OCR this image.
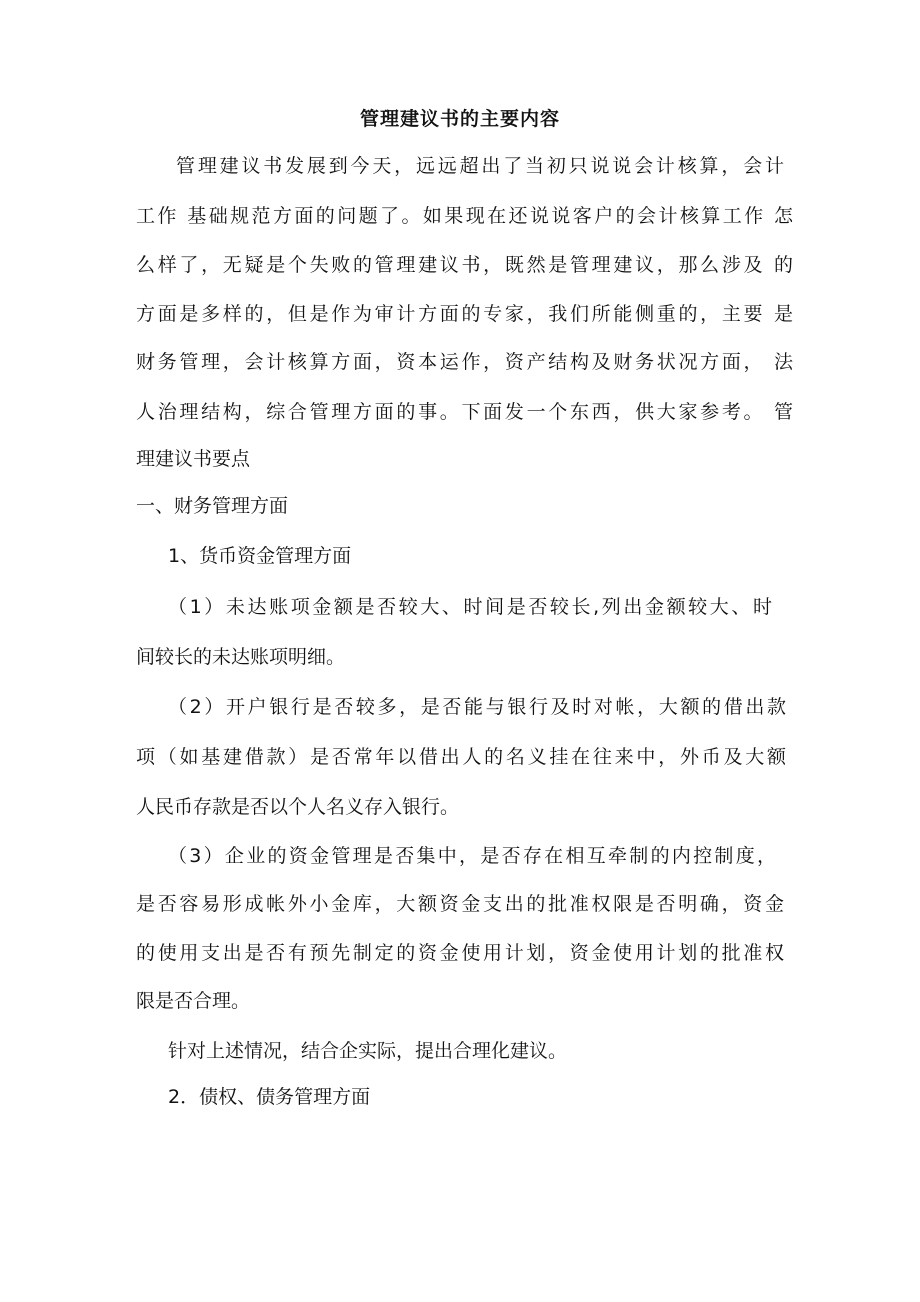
管理建议书的主要内容
管理建议书发展到今天，远远超出了当初只说说会计核算，会计
工作 基础规范方面的问题了。如果现在还说说客户的会计核算工作 怎
么样了，无疑是个失败的管理建议书，既然是管理建议，那么涉及 的
方面是多样的，但是作为审计方面的专家，我们所能侧重的，主要 是
财务管理，会计核算方面，资本运作，资产结构及财务状况方面， 法
人治理结构，综合管理方面的事。下面发一个东西，供大家参考。 管
理建议书要点
一、财务管理方面
1、货币资金管理方面
（1）未达账项金额是否较大、时间是否较长,列出金额较大、时
间较长的未达账项明细。
（2）开户银行是否较多，是否能与银行及时对帐，大额的借出款
项（如基建借款）是否常年以借出人的名义挂在往来中，外币及大额
人民币存款是否以个人名义存入银行。
（3）企业的资金管理是否集中，是否存在相互牵制的内控制度，
是否容易形成帐外小金库，大额资金支出的批准权限是否明确，资金
的使用支出是否有预先制定的资金使用计划，资金使用计划的批准权
限是否合理。
针对上述情况，结合企实际，提出合理化建议。
2．债权、债务管理方面
